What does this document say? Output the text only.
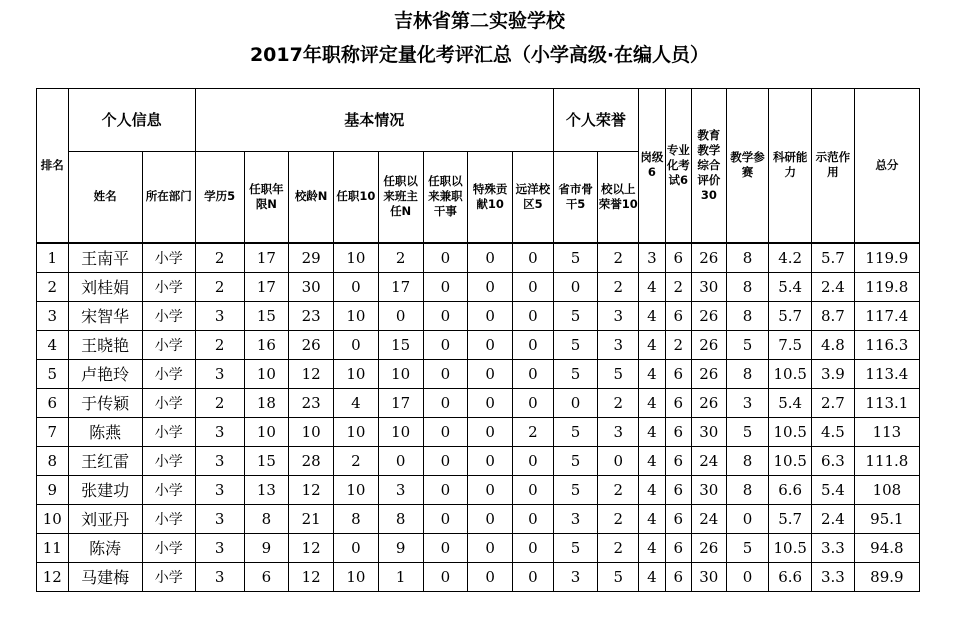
吉林省第二实验学校
2017年职称评定量化考评汇总（小学高级·在编人员）
排名	个人信息		基本情况								个人荣誉		岗级6	专业化考试6	教育教学综合评价30	教学参赛	科研能力	示范作用	总分
	姓名	所在部门	学历5	任职年限N	校龄N	任职10	任职以来班主任N	任职以来兼职干事	特殊贡献10	远洋校区5	省市骨干5	校以上荣誉10							
1	王南平	小学	2	17	29	10	2	0	0	0	5	2	3	6	26	8	4.2	5.7	119.9
2	刘桂娟	小学	2	17	30	0	17	0	0	0	0	2	4	2	30	8	5.4	2.4	119.8
3	宋智华	小学	3	15	23	10	0	0	0	0	5	3	4	6	26	8	5.7	8.7	117.4
4	王晓艳	小学	2	16	26	0	15	0	0	0	5	3	4	2	26	5	7.5	4.8	116.3
5	卢艳玲	小学	3	10	12	10	10	0	0	0	5	5	4	6	26	8	10.5	3.9	113.4
6	于传颖	小学	2	18	23	4	17	0	0	0	0	2	4	6	26	3	5.4	2.7	113.1
7	陈燕	小学	3	10	10	10	10	0	0	2	5	3	4	6	30	5	10.5	4.5	113
8	王红雷	小学	3	15	28	2	0	0	0	0	5	0	4	6	24	8	10.5	6.3	111.8
9	张建功	小学	3	13	12	10	3	0	0	0	5	2	4	6	30	8	6.6	5.4	108
10	刘亚丹	小学	3	8	21	8	8	0	0	0	3	2	4	6	24	0	5.7	2.4	95.1
11	陈涛	小学	3	9	12	0	9	0	0	0	5	2	4	6	26	5	10.5	3.3	94.8
12	马建梅	小学	3	6	12	10	1	0	0	0	3	5	4	6	30	0	6.6	3.3	89.9
